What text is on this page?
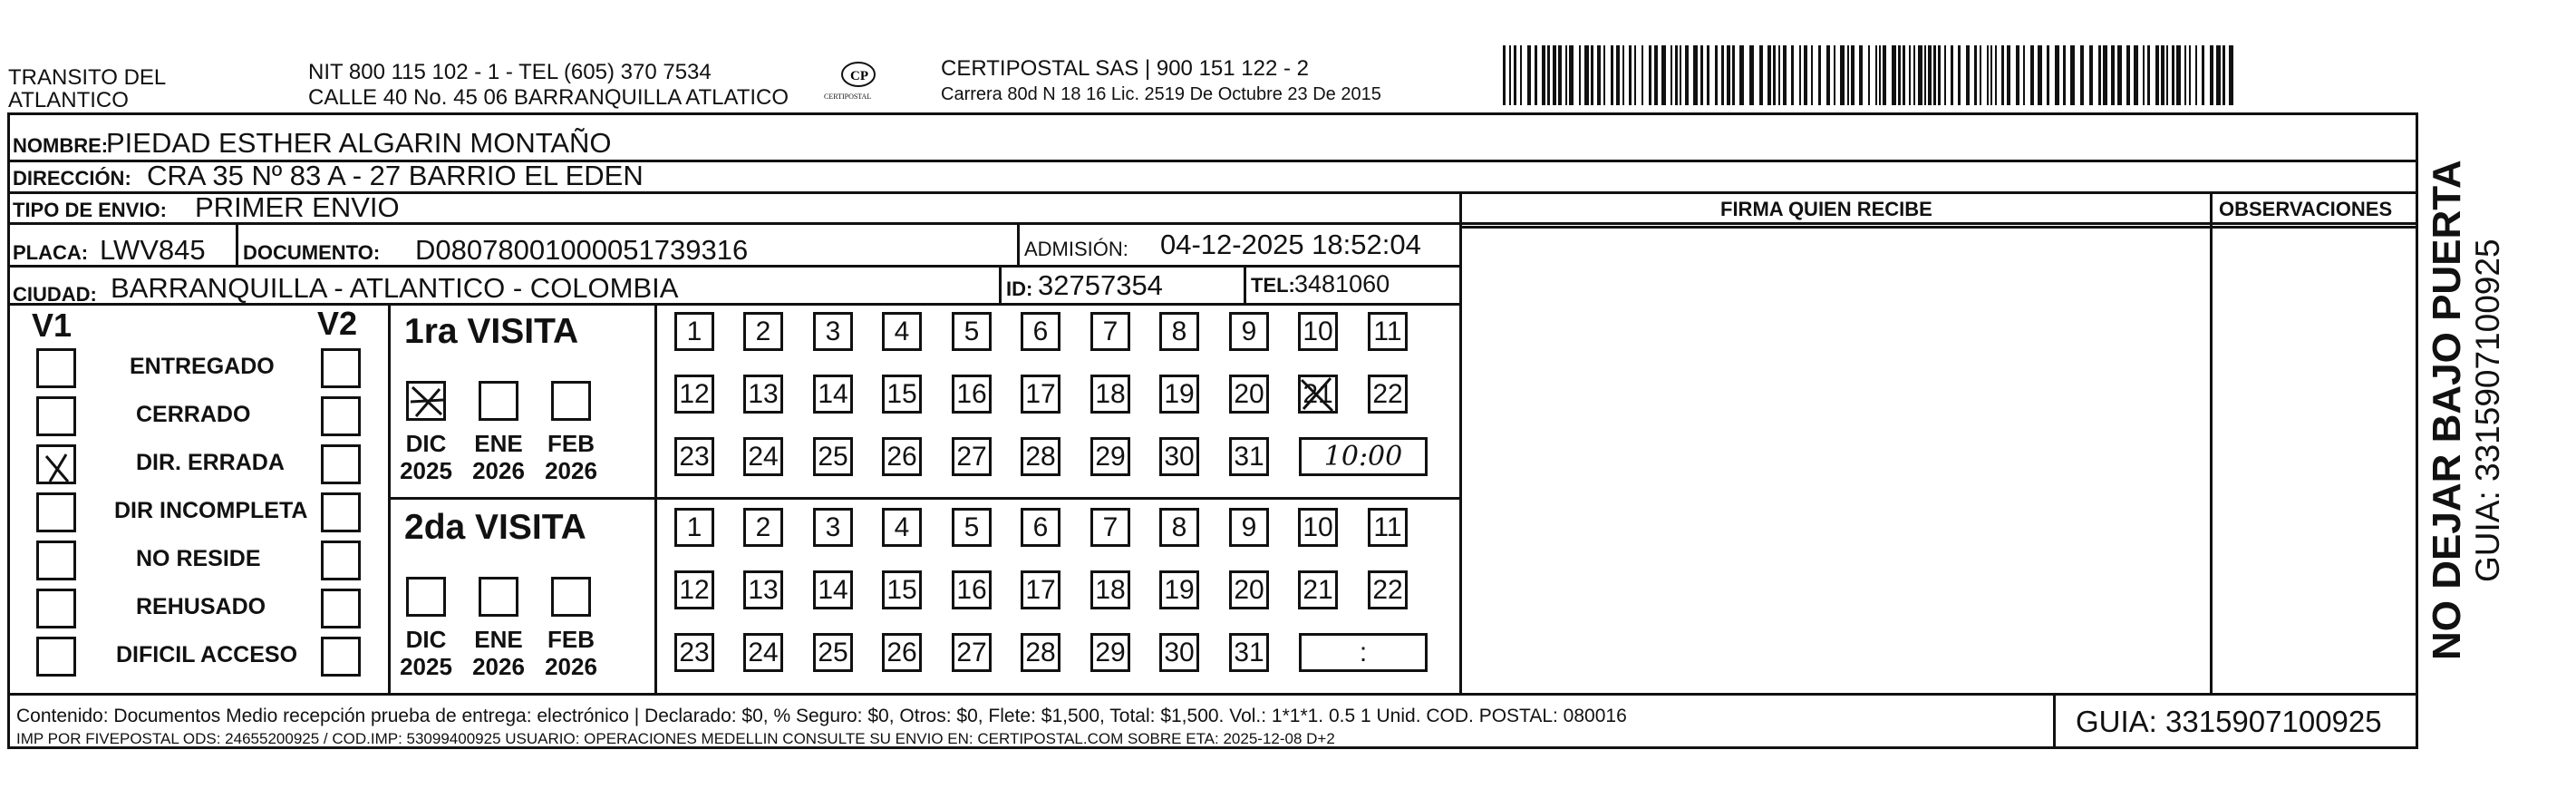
TRANSITO DEL
ATLANTICO
NIT 800 115 102 - 1 - TEL (605) 370 7534
CALLE 40 No. 45 06 BARRANQUILLA ATLATICO
CP
CERTIPOSTAL
CERTIPOSTAL SAS | 900 151 122 - 2
Carrera 80d N 18 16 Lic. 2519 De Octubre 23 De 2015
NOMBRE:
PIEDAD ESTHER ALGARIN MONTAÑO
DIRECCIÓN: CRA 35 Nº 83 A - 27 BARRIO EL EDEN
TIPO DE ENVIO: PRIMER ENVIO
PLACA: LWV845 DOCUMENTO: D08078001000051739316	ADMISIÓN: 04-12-2025 18:52:04
CIUDAD: BARRANQUILLA - ATLANTICO - COLOMBIA	ID: 32757354	TEL: 3481060
FIRMA QUIEN RECIBE	OBSERVACIONES
V1	V2
ENTREGADO
CERRADO
DIR. ERRADA
DIR INCOMPLETA
NO RESIDE
REHUSADO
DIFICIL ACCESO
1ra VISITA
2da VISITA
DIC
2025
ENE
2026
FEB
2026
1	2	3	4	5	6	7	8	9	10 11
12 13 14 15 16 17 18 19 20 21 22
23 24 25 26 27 28 29 30 31	10:00
DIC
2025
ENE
2026
FEB
2026
1	2	3	4	5	6	7	8	9	10 11
12 13 14 15 16 17 18 19 20 21 22
23 24 25 26 27 28 29 30 31	:
Contenido: Documentos Medio recepción prueba de entrega: electrónico | Declarado: $0, % Seguro: $0, Otros: $0, Flete: $1,500, Total: $1,500. Vol.: 1*1*1. 0.5 1 Unid. COD. POSTAL: 080016
IMP POR FIVEPOSTAL ODS: 24655200925 / COD.IMP: 53099400925 USUARIO: OPERACIONES MEDELLIN CONSULTE SU ENVIO EN: CERTIPOSTAL.COM SOBRE ETA: 2025-12-08 D+2
GUIA: 3315907100925
NO DEJAR BAJO PUERTA GUIA: 3315907100925
